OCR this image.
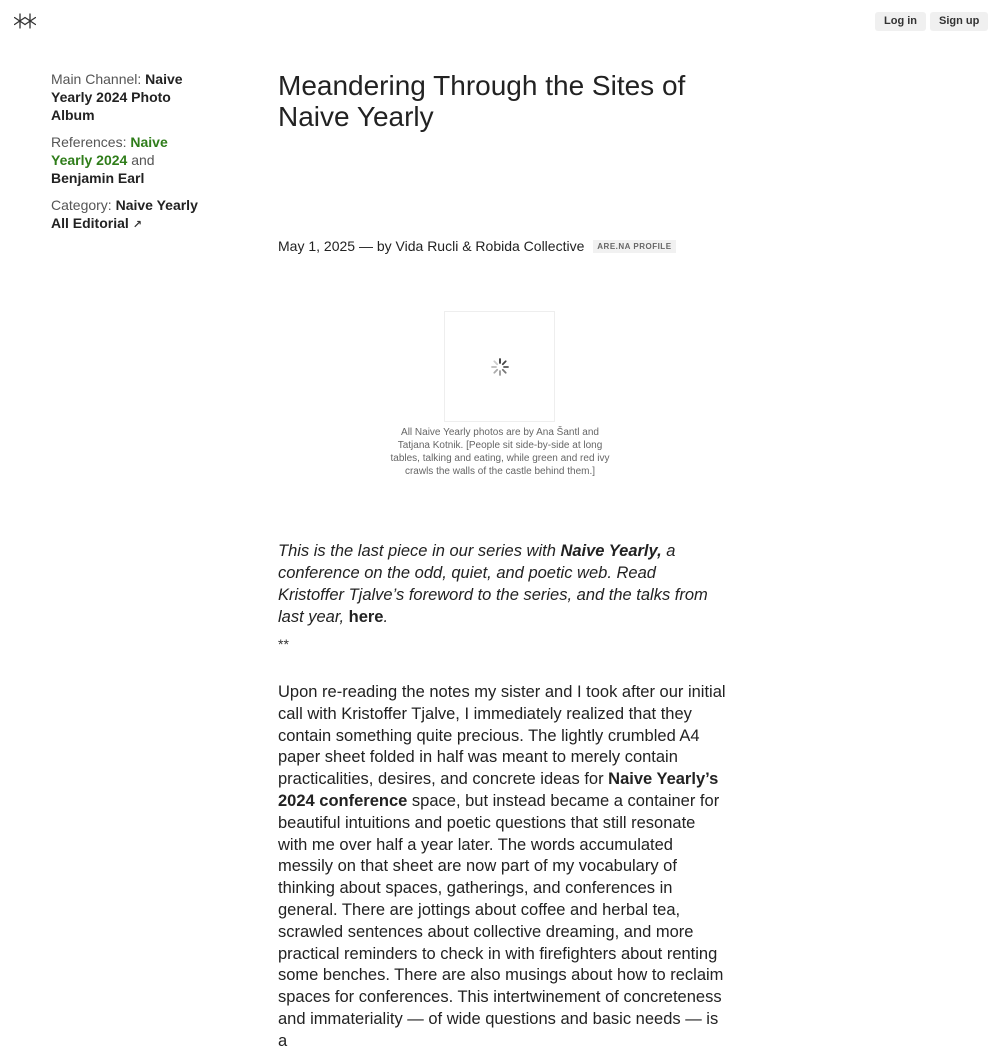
Log in	Sign up

Main Channel: Naive Yearly 2024 Photo Album

References: Naive Yearly 2024 and Benjamin Earl

Category: Naive Yearly All Editorial ↗

Meandering Through the Sites of Naive Yearly
May 1, 2025 — by Vida Rucli & Robida Collective ARE.NA PROFILE
All Naive Yearly photos are by Ana Šantl and Tatjana Kotnik. [People sit side-by-side at long tables, talking and eating, while green and red ivy crawls the walls of the castle behind them.]
This is the last piece in our series with Naive Yearly, a conference on the odd, quiet, and poetic web. Read Kristoffer Tjalve’s foreword to the series, and the talks from last year, here.
**

Upon re-reading the notes my sister and I took after our initial call with Kristoffer Tjalve, I immediately realized that they contain something quite precious. The lightly crumbled A4 paper sheet folded in half was meant to merely contain practicalities, desires, and concrete ideas for Naive Yearly’s 2024 conference space, but instead became a container for beautiful intuitions and poetic questions that still resonate with me over half a year later. The words accumulated messily on that sheet are now part of my vocabulary of thinking about spaces, gatherings, and conferences in general. There are jottings about coffee and herbal tea, scrawled sentences about collective dreaming, and more practical reminders to check in with firefighters about renting some benches. There are also musings about how to reclaim spaces for conferences. This intertwinement of concreteness and immateriality — of wide questions and basic needs — is a
